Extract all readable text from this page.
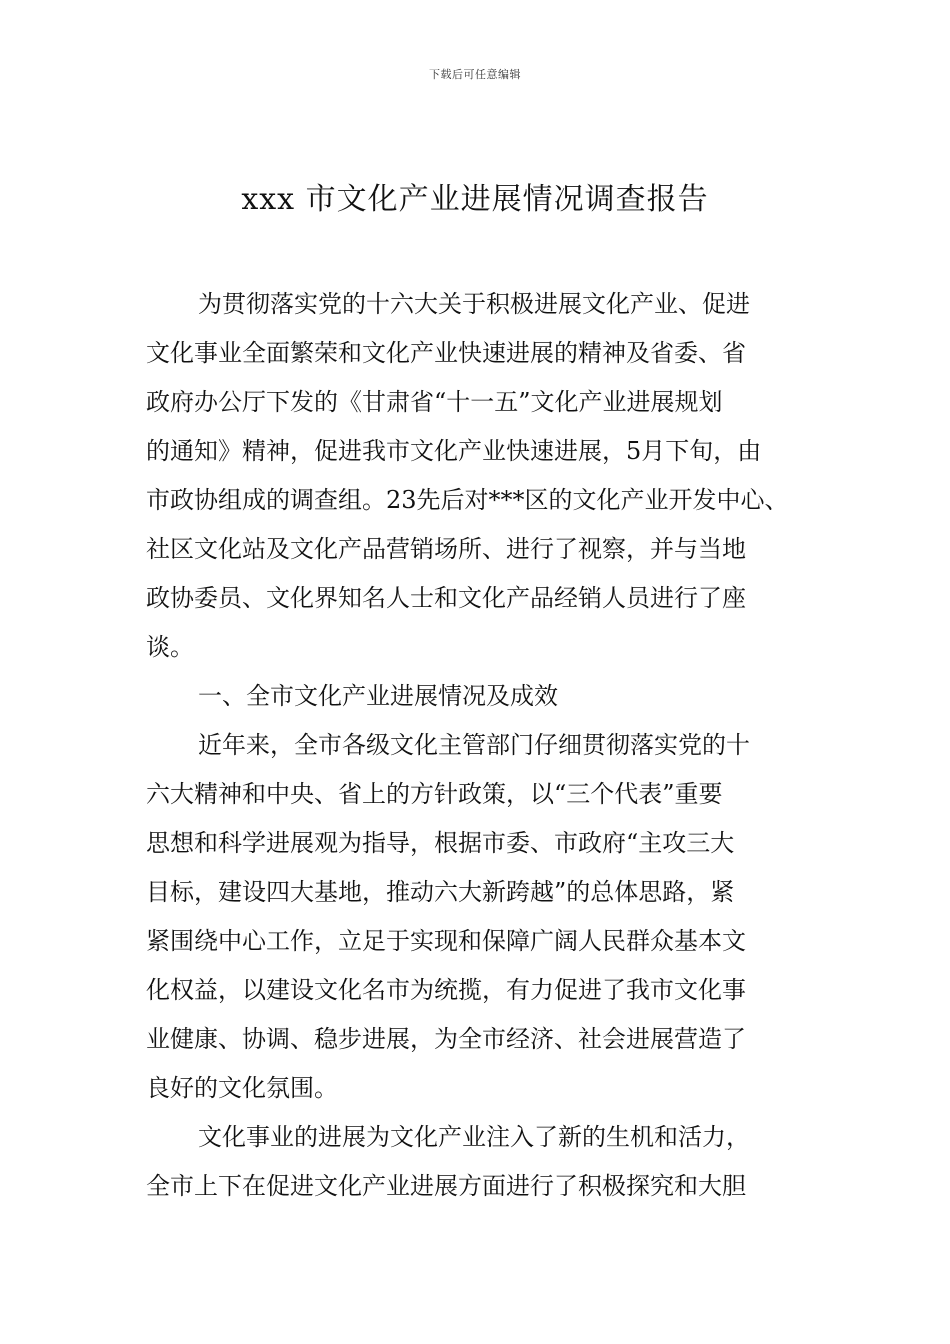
下载后可任意编辑
xxx 市文化产业进展情况调查报告
为贯彻落实党的十六大关于积极进展文化产业、促进
文化事业全面繁荣和文化产业快速进展的精神及省委、省
政府办公厅下发的《甘肃省“十一五”文化产业进展规划
的通知》精神，促进我市文化产业快速进展，5月下旬，由
市政协组成的调查组。23先后对***区的文化产业开发中心、
社区文化站及文化产品营销场所、进行了视察，并与当地
政协委员、文化界知名人士和文化产品经销人员进行了座
谈。
一、全市文化产业进展情况及成效
近年来，全市各级文化主管部门仔细贯彻落实党的十
六大精神和中央、省上的方针政策，以“三个代表”重要
思想和科学进展观为指导，根据市委、市政府“主攻三大
目标，建设四大基地，推动六大新跨越”的总体思路，紧
紧围绕中心工作，立足于实现和保障广阔人民群众基本文
化权益，以建设文化名市为统揽，有力促进了我市文化事
业健康、协调、稳步进展，为全市经济、社会进展营造了
良好的文化氛围。
文化事业的进展为文化产业注入了新的生机和活力，
全市上下在促进文化产业进展方面进行了积极探究和大胆
